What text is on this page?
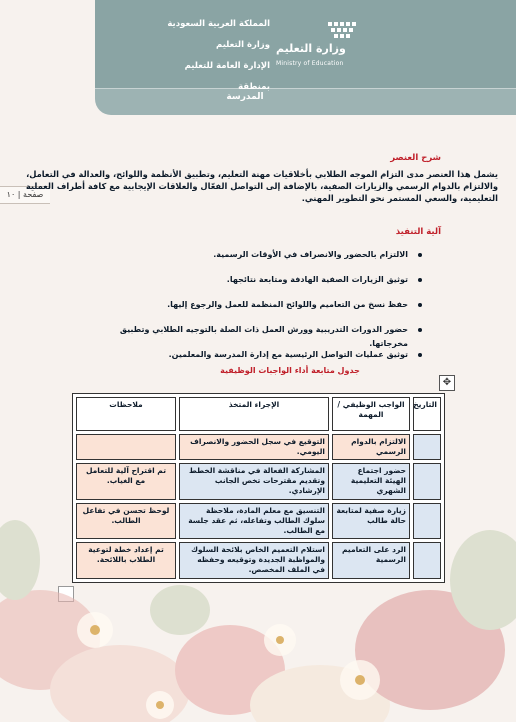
المدرسة
المملكة العربية السعودية
وزارة التعليم
الإدارة العامة للتعليم بمنطقة
وزارة التعليم
Ministry of Education
صفحة | ١٠
شرح العنصر
يشمل هذا العنصر مدى التزام الموجه الطلابي بأخلاقيات مهنة التعليم، وتطبيق الأنظمة واللوائح، والعدالة في التعامل، والالتزام بالدوام الرسمي والزيارات الصفية، بالإضافة إلى التواصل الفعّال والعلاقات الإيجابية مع كافة أطراف العملية التعليمية، والسعي المستمر نحو التطوير المهني.
آلية التنفيذ
الالتزام بالحضور والانصراف في الأوقات الرسمية.
توثيق الزيارات الصفية الهادفة ومتابعة نتائجها.
حفظ نسخ من التعاميم واللوائح المنظمة للعمل والرجوع إليها.
حضور الدورات التدريبية وورش العمل ذات الصلة بالتوجيه الطلابي وتطبيق مخرجاتها.
توثيق عمليات التواصل الرئيسية مع إدارة المدرسة والمعلمين.
جدول متابعة أداء الواجبات الوظيفية
✥
التاريخ	الواجب الوظيفي / المهمة	الإجراء المتخذ	ملاحظات
	الالتزام بالدوام الرسمي	التوقيع في سجل الحضور والانصراف اليومي.	
	حضور اجتماع الهيئة التعليمية الشهري	المشاركة الفعالة في مناقشة الخطط وتقديم مقترحات تخص الجانب الإرشادي.	تم اقتراح آلية للتعامل مع الغياب.
	زيارة صفية لمتابعة حالة طالب	التنسيق مع معلم المادة، ملاحظة سلوك الطالب وتفاعله، ثم عقد جلسة مع الطالب.	لوحظ تحسن في تفاعل الطالب.
	الرد على التعاميم الرسمية	استلام التعميم الخاص بلائحة السلوك والمواظبة الجديدة وتوقيعه وحفظه في الملف المخصص.	تم إعداد خطة لتوعية الطلاب باللائحة.
